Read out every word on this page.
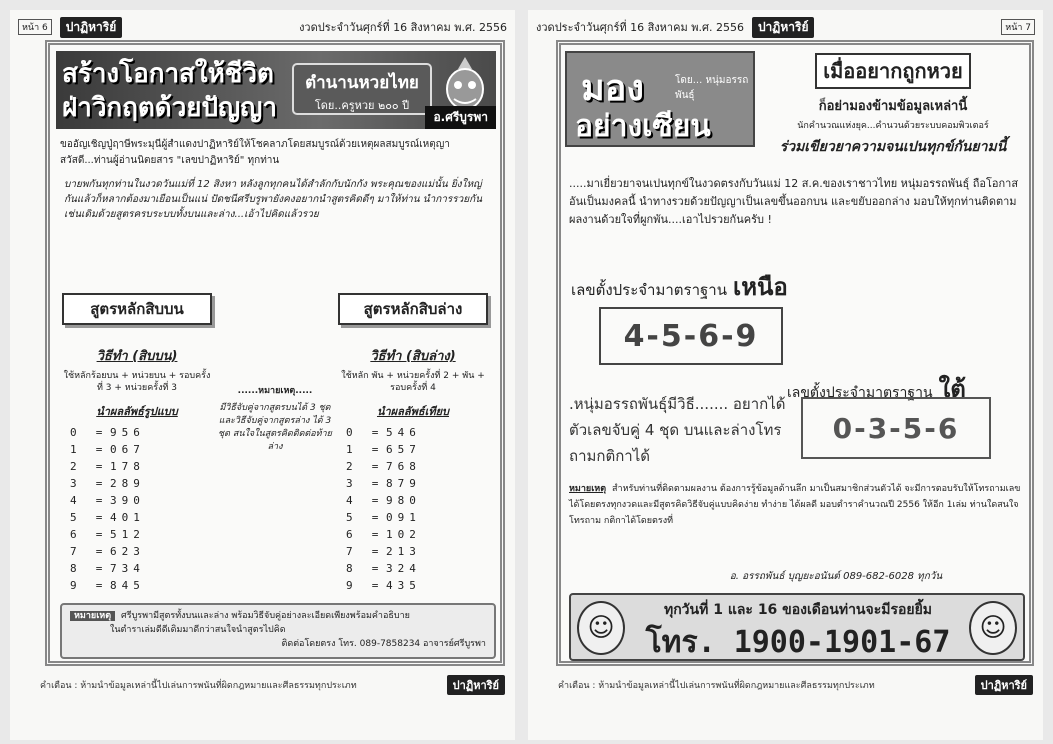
หน้า 6	ปาฏิหาริย์	งวดประจำวันศุกร์ที่ 16 สิงหาคม พ.ศ. 2556
สร้างโอกาสให้ชีวิต
ฝ่าวิกฤตด้วยปัญญา
ตำนานหวยไทย
โดย..ครูหวย ๒๐๐ ปี
อ.ศรีบูรพา
ขออัญเชิญปู่ฤาษีพระมุนีผู้สำแดงปาฏิหาริย์ให้โชคลาภโดยสมบูรณ์ด้วยเหตุผลสมบูรณ์เหตุญา สวัสดี...ท่านผู้อ่านนิตยสาร "เลขปาฏิหาริย์" ทุกท่าน
บายพกันทุกท่านในงวดวันแม่ที่ 12 สิงหา หลังลูกทุกคนได้สำลักกับนักกัง พระคุณของแม่นั้น ยิ่งใหญ่กันแล้วก็หลากต้องมาเยือนเป็นแน่ ปัดชนีศรีบรูพายังคงอยากนำสูตรคิดดีๆ มาให้ท่าน นำการรวยกันเช่นเดิมด้วยสูตรครบระบบทั้งบนและล่าง...เอ้าไปคิดแล้วรวย
สูตรหลักสิบบน
วิธีทำ (สิบบน)
ใช้หลักร้อยบน + หน่วยบน + รอบครั้งที่ 3 + หน่วยครั้งที่ 3
นำผลลัพธ์รูปแบบ
0	= 956
1	= 067
2	= 178
3	= 289
4	= 390
5	= 401
6	= 512
7	= 623
8	= 734
9	= 845
......หมายเหตุ.....
มีวิธีจับคู่จากสูตรบนได้ 3 ชุด และวิธีจับคู่จากสูตรล่าง ได้ 3 ชุด สนใจในสูตรคิดติดต่อท้ายล่าง
สูตรหลักสิบล่าง
วิธีทำ (สิบล่าง)
ใช้หลัก พัน + หน่วยครั้งที่ 2 + พัน + รอบครั้งที่ 4
นำผลลัพธ์เทียบ
0	= 546
1	= 657
2	= 768
3	= 879
4	= 980
5	= 091
6	= 102
7	= 213
8	= 324
9	= 435
หมายเหตุ ศรีบูรพามีสูตรทั้งบนและล่าง พร้อมวิธีจับคู่อย่างละเอียดเพียงพร้อมคำอธิบาย
ในตำราเล่มดีดีเดิมมาดีกว่าสนใจนำสูตรไปคิด
ติดต่อโดยตรง โทร. 089-7858234 อาจารย์ศรีบูรพา
คำเตือน : ห้ามนำข้อมูลเหล่านี้ไปเล่นการพนันที่ผิดกฎหมายและศีลธรรมทุกประเภท	ปาฏิหาริย์
งวดประจำวันศุกร์ที่ 16 สิงหาคม พ.ศ. 2556	ปาฏิหาริย์	หน้า 7
มอง	โดย... หนุ่มอรรถพันธุ์
อย่างเซียน
เมื่ออยากถูกหวย
ก็อย่ามองข้ามข้อมูลเหล่านี้
นักคำนวณแห่งยุค...คำนวนด้วยระบบคอมพิวเตอร์
ร่วมเขียวยาความจนเปนทุกข์กันยามนี้
.....มาเยี่ยวยาจนเปนทุกข์ในงวดตรงกับวันแม่ 12 ส.ค.ของเราชาวไทย หนุ่มอรรถพันธุ์ ถือโอกาสอันเป็นมงคลนี้ นำทางรวยด้วยปัญญาเป็นเลขขึ้นออกบน และขยับออกล่าง มอบให้ทุกท่านติดตามผลงานด้วยใจที่ผูกพัน....เอาไปรวยกันครับ !
เลขตั้งประจำมาตราฐาน เหนือ
4-5-6-9
เลขตั้งประจำมาตราฐาน ใต้
.หนุ่มอรรถพันธุ์มีวิธี....... อยากได้ตัวเลขจับคู่ 4 ชุด บนและล่างโทรถามกติกาได้
0-3-5-6
หมายเหตุ สำหรับท่านที่ติดตามผลงาน ต้องการรู้ข้อมูลด้านลึก มาเป็นสมาชิกส่วนตัวได้ จะมีการตอบรับให้โทรถามเลขได้โดยตรงทุกงวดและมีสูตรคิดวิธีจับคู่แบบคิดง่าย ทำง่าย ได้ผลดี มอบตำราคำนวณปี 2556 ให้อีก 1เล่ม ท่านใดสนใจโทรถาม กติกาได้โดยตรงที่
อ. อรรถพันธ์ บุญยะอนันต์ 089-682-6028 ทุกวัน
☺
ทุกวันที่ 1 และ 16 ของเดือนท่านจะมีรอยยิ้ม
โทร. 1900-1901-67	☺
คำเตือน : ห้ามนำข้อมูลเหล่านี้ไปเล่นการพนันที่ผิดกฎหมายและศีลธรรมทุกประเภท	ปาฏิหาริย์
